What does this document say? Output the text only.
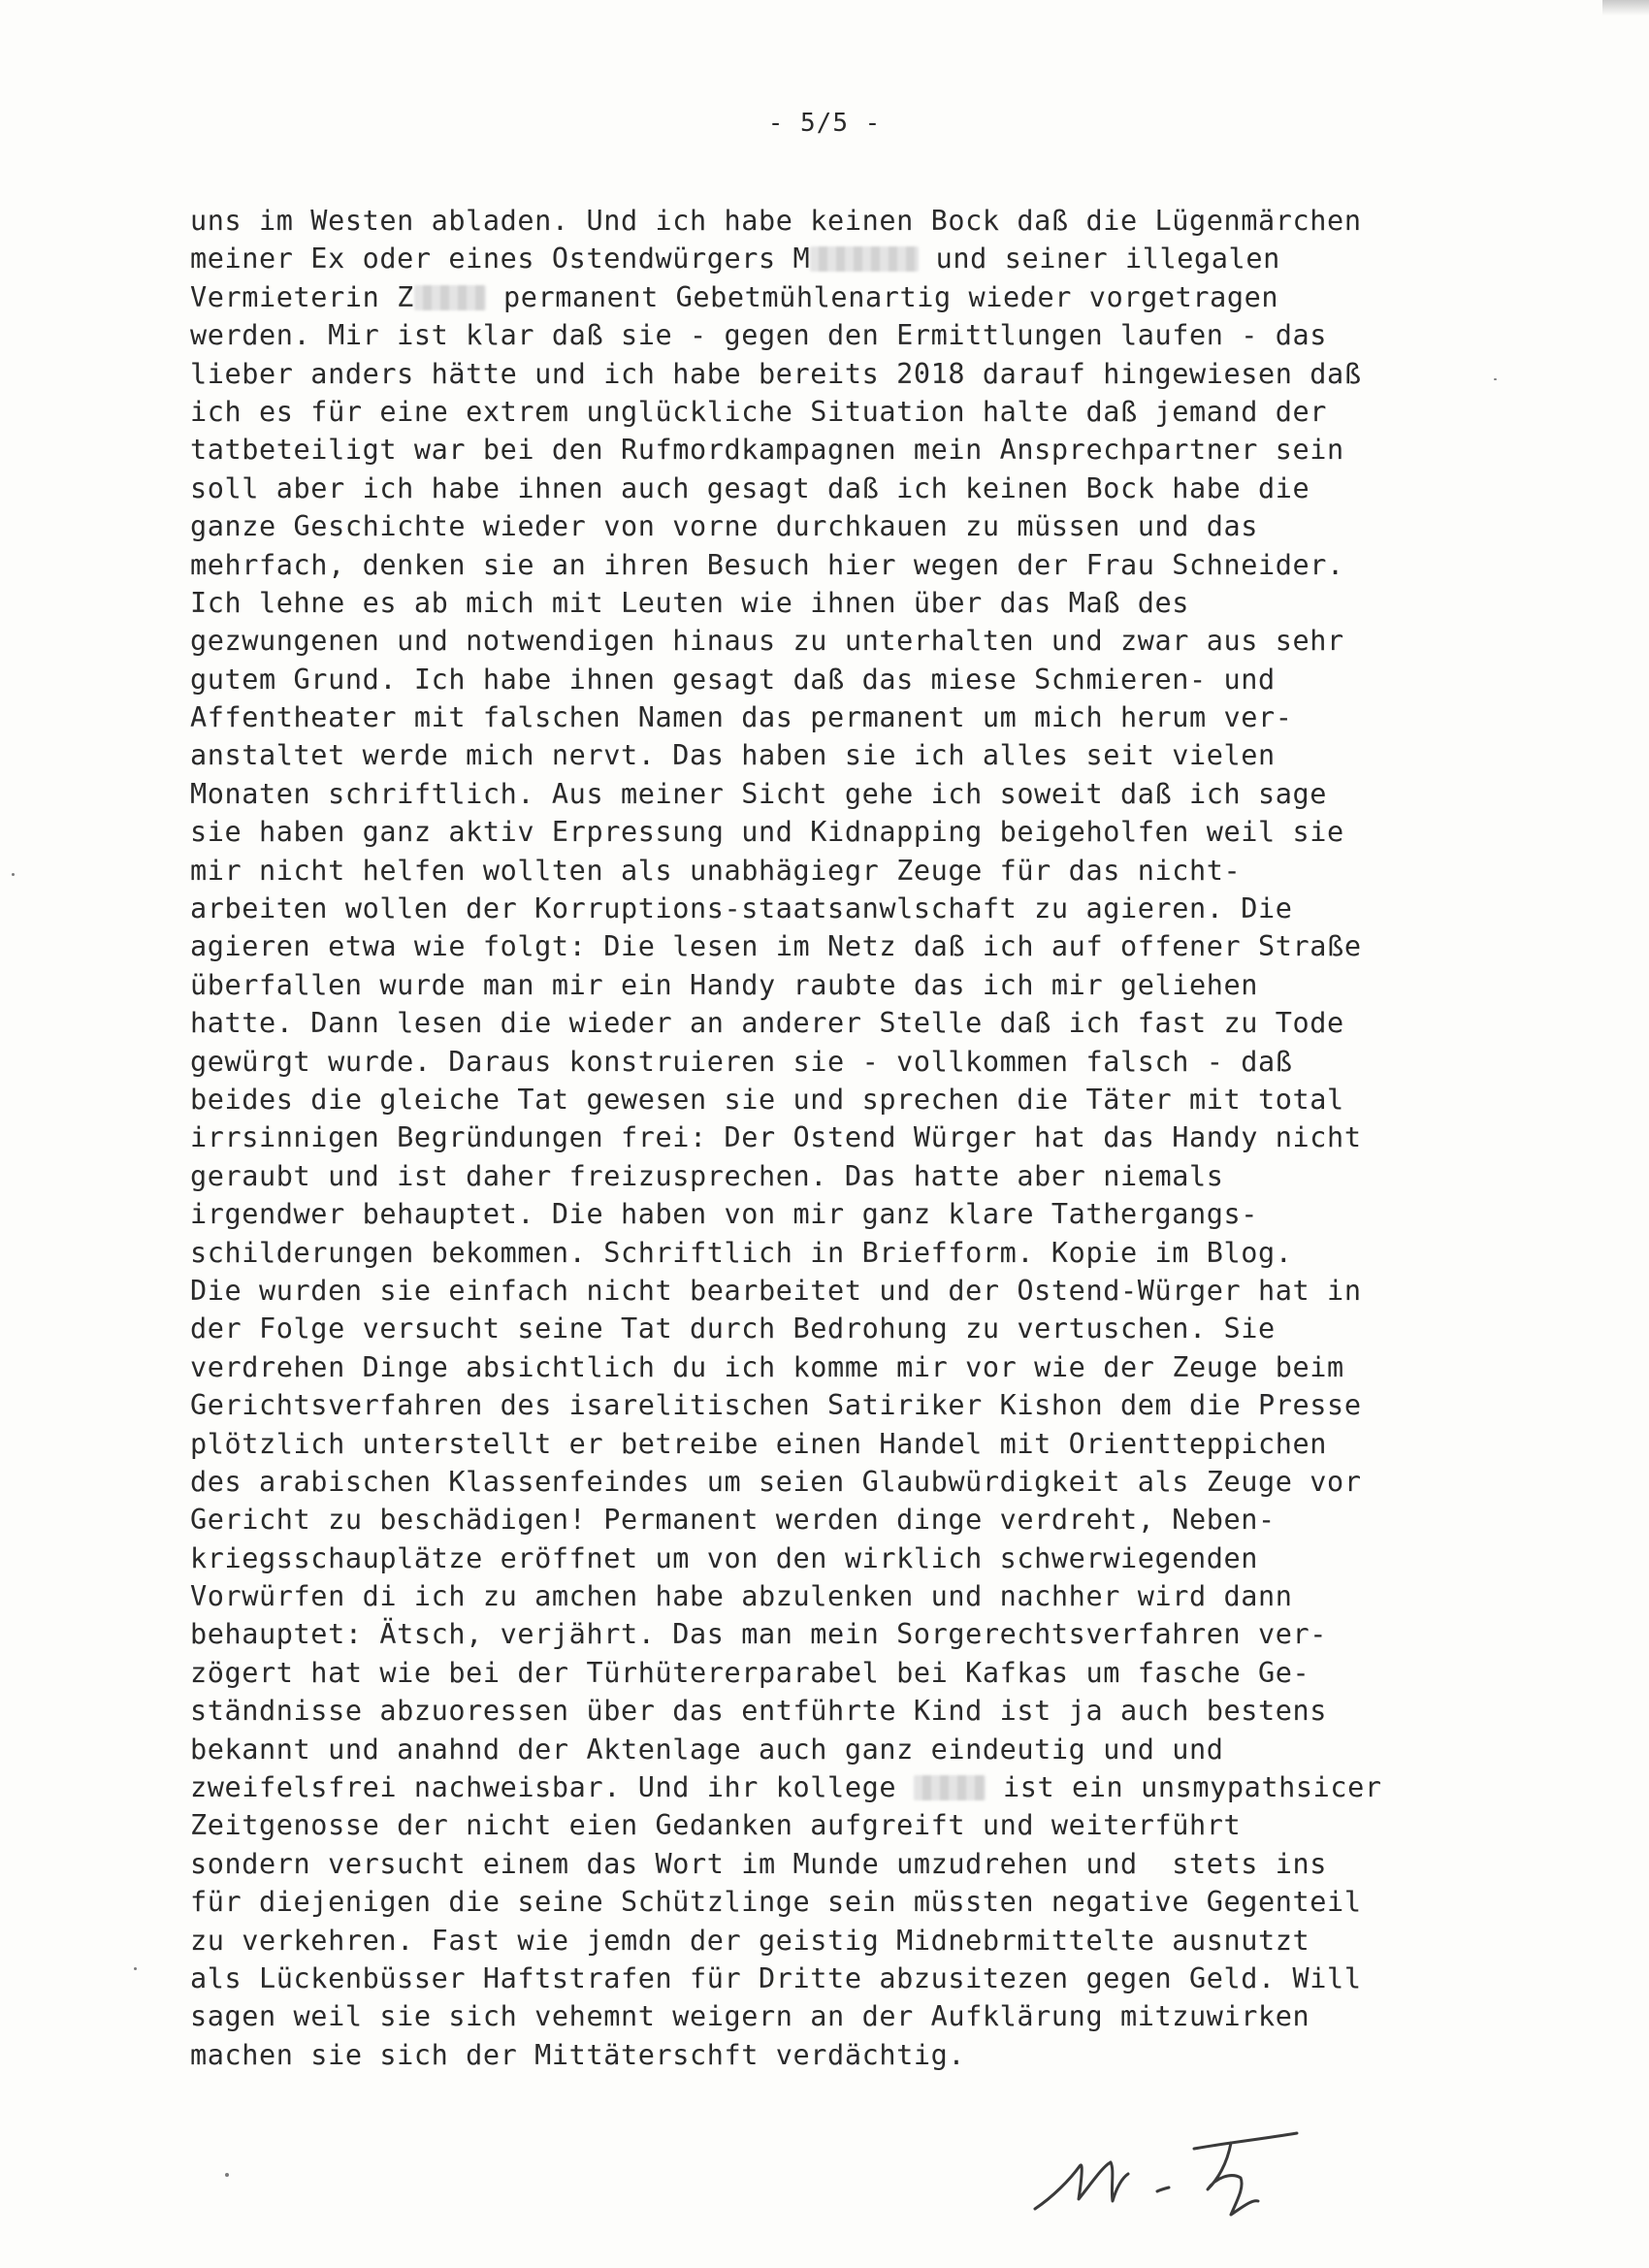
- 5/5 -
uns im Westen abladen. Und ich habe keinen Bock daß die Lügenmärchen
meiner Ex oder eines Ostendwürgers M	und seiner illegalen
Vermieterin Z	permanent Gebetmühlenartig wieder vorgetragen
werden. Mir ist klar daß sie - gegen den Ermittlungen laufen - das
lieber anders hätte und ich habe bereits 2018 darauf hingewiesen daß
ich es für eine extrem unglückliche Situation halte daß jemand der
tatbeteiligt war bei den Rufmordkampagnen mein Ansprechpartner sein
soll aber ich habe ihnen auch gesagt daß ich keinen Bock habe die
ganze Geschichte wieder von vorne durchkauen zu müssen und das
mehrfach, denken sie an ihren Besuch hier wegen der Frau Schneider.
Ich lehne es ab mich mit Leuten wie ihnen über das Maß des
gezwungenen und notwendigen hinaus zu unterhalten und zwar aus sehr
gutem Grund. Ich habe ihnen gesagt daß das miese Schmieren- und
Affentheater mit falschen Namen das permanent um mich herum ver-
anstaltet werde mich nervt. Das haben sie ich alles seit vielen
Monaten schriftlich. Aus meiner Sicht gehe ich soweit daß ich sage
sie haben ganz aktiv Erpressung und Kidnapping beigeholfen weil sie
mir nicht helfen wollten als unabhägiegr Zeuge für das nicht-
arbeiten wollen der Korruptions-staatsanwlschaft zu agieren. Die
agieren etwa wie folgt: Die lesen im Netz daß ich auf offener Straße
überfallen wurde man mir ein Handy raubte das ich mir geliehen
hatte. Dann lesen die wieder an anderer Stelle daß ich fast zu Tode
gewürgt wurde. Daraus konstruieren sie - vollkommen falsch - daß
beides die gleiche Tat gewesen sie und sprechen die Täter mit total
irrsinnigen Begründungen frei: Der Ostend Würger hat das Handy nicht
geraubt und ist daher freizusprechen. Das hatte aber niemals
irgendwer behauptet. Die haben von mir ganz klare Tathergangs-
schilderungen bekommen. Schriftlich in Briefform. Kopie im Blog.
Die wurden sie einfach nicht bearbeitet und der Ostend-Würger hat in
der Folge versucht seine Tat durch Bedrohung zu vertuschen. Sie
verdrehen Dinge absichtlich du ich komme mir vor wie der Zeuge beim
Gerichtsverfahren des isarelitischen Satiriker Kishon dem die Presse
plötzlich unterstellt er betreibe einen Handel mit Orientteppichen
des arabischen Klassenfeindes um seien Glaubwürdigkeit als Zeuge vor
Gericht zu beschädigen! Permanent werden dinge verdreht, Neben-
kriegsschauplätze eröffnet um von den wirklich schwerwiegenden
Vorwürfen di ich zu amchen habe abzulenken und nachher wird dann
behauptet: Ätsch, verjährt. Das man mein Sorgerechtsverfahren ver-
zögert hat wie bei der Türhütererparabel bei Kafkas um fasche Ge-
ständnisse abzuoressen über das entführte Kind ist ja auch bestens
bekannt und anahnd der Aktenlage auch ganz eindeutig und und
zweifelsfrei nachweisbar. Und ihr kollege	ist ein unsmypathsicer
Zeitgenosse der nicht eien Gedanken aufgreift und weiterführt
sondern versucht einem das Wort im Munde umzudrehen und  stets ins
für diejenigen die seine Schützlinge sein müssten negative Gegenteil
zu verkehren. Fast wie jemdn der geistig Midnebrmittelte ausnutzt
als Lückenbüsser Haftstrafen für Dritte abzusitezen gegen Geld. Will
sagen weil sie sich vehemnt weigern an der Aufklärung mitzuwirken
machen sie sich der Mittäterschft verdächtig.
